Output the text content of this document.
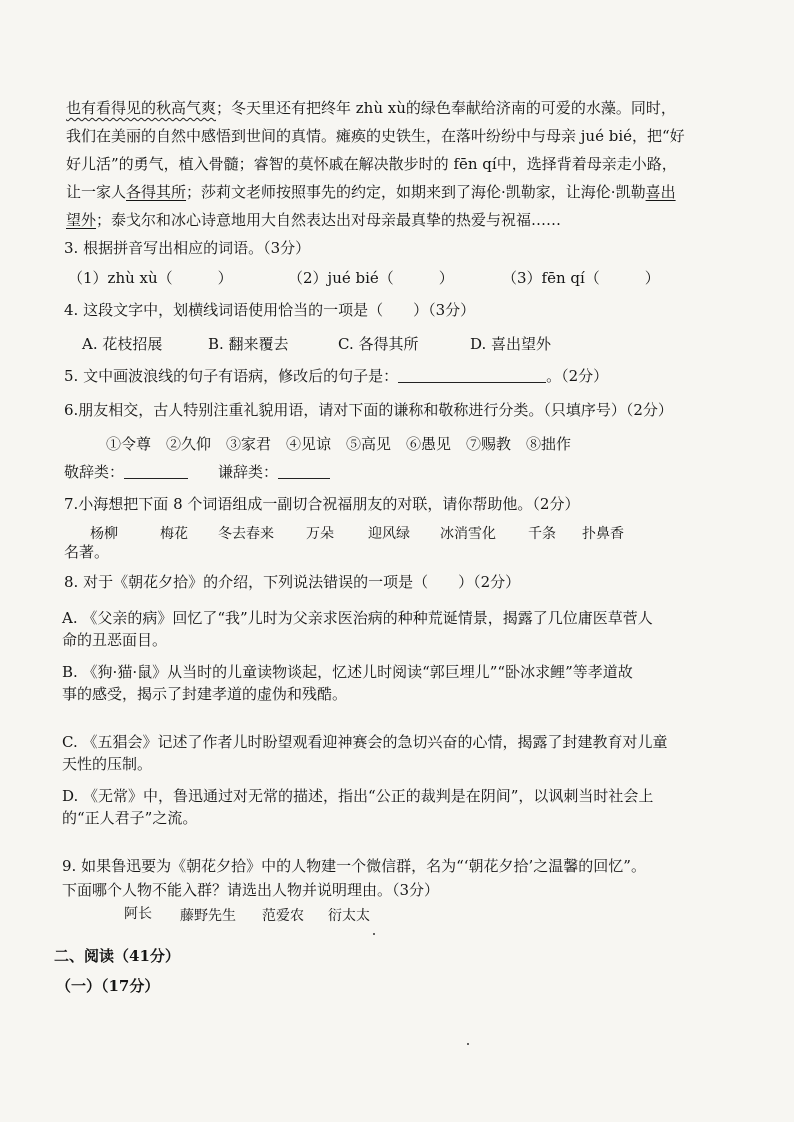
也有看得见的秋高气爽；冬天里还有把终年 zhù xù的绿色奉献给济南的可爱的水藻。同时，
我们在美丽的自然中感悟到世间的真情。瘫痪的史铁生，在落叶纷纷中与母亲 jué bié，把“好
好儿活”的勇气，植入骨髓；睿智的莫怀戚在解决散步时的 fēn qí中，选择背着母亲走小路，
让一家人各得其所；莎莉文老师按照事先的约定，如期来到了海伦·凯勒家，让海伦·凯勒喜出
望外；泰戈尔和冰心诗意地用大自然表达出对母亲最真挚的热爱与祝福……
3. 根据拼音写出相应的词语。（3分）
（1）zhù xù（　　　）	（2）jué bié（　　　）	（3）fēn qí（　　　）
4. 这段文字中，划横线词语使用恰当的一项是（　　）（3分）
A. 花枝招展	B. 翻来覆去	C. 各得其所	D. 喜出望外
5. 文中画波浪线的句子有语病，修改后的句子是：	。（2分）
6.朋友相交，古人特别注重礼貌用语，请对下面的谦称和敬称进行分类。（只填序号）（2分）
①令尊　②久仰　③家君　④见谅　⑤高见　⑥愚见　⑦赐教　⑧拙作
敬辞类：	谦辞类：
7.小海想把下面 8 个词语组成一副切合祝福朋友的对联，请你帮助他。（2分）
杨柳	梅花 冬去春来 万朵 迎风绿 冰消雪化 千条 扑鼻香
名著。
8. 对于《朝花夕拾》的介绍，下列说法错误的一项是（　　）（2分）
A. 《父亲的病》回忆了“我”儿时为父亲求医治病的种种荒诞情景，揭露了几位庸医草菅人
命的丑恶面目。
B. 《狗·猫·鼠》从当时的儿童读物谈起，忆述儿时阅读“郭巨埋儿”“卧冰求鲤”等孝道故
事的感受，揭示了封建孝道的虚伪和残酷。
C. 《五猖会》记述了作者儿时盼望观看迎神赛会的急切兴奋的心情，揭露了封建教育对儿童
天性的压制。
D. 《无常》中，鲁迅通过对无常的描述，指出“公正的裁判是在阴间”，以讽刺当时社会上
的“正人君子”之流。
9. 如果鲁迅要为《朝花夕拾》中的人物建一个微信群，名为“‘朝花夕拾’之温馨的回忆”。
下面哪个人物不能入群？请选出人物并说明理由。（3分）
阿长 藤野先生 范爱农 衍太太
二、阅读（41分）
（一）（17分）
